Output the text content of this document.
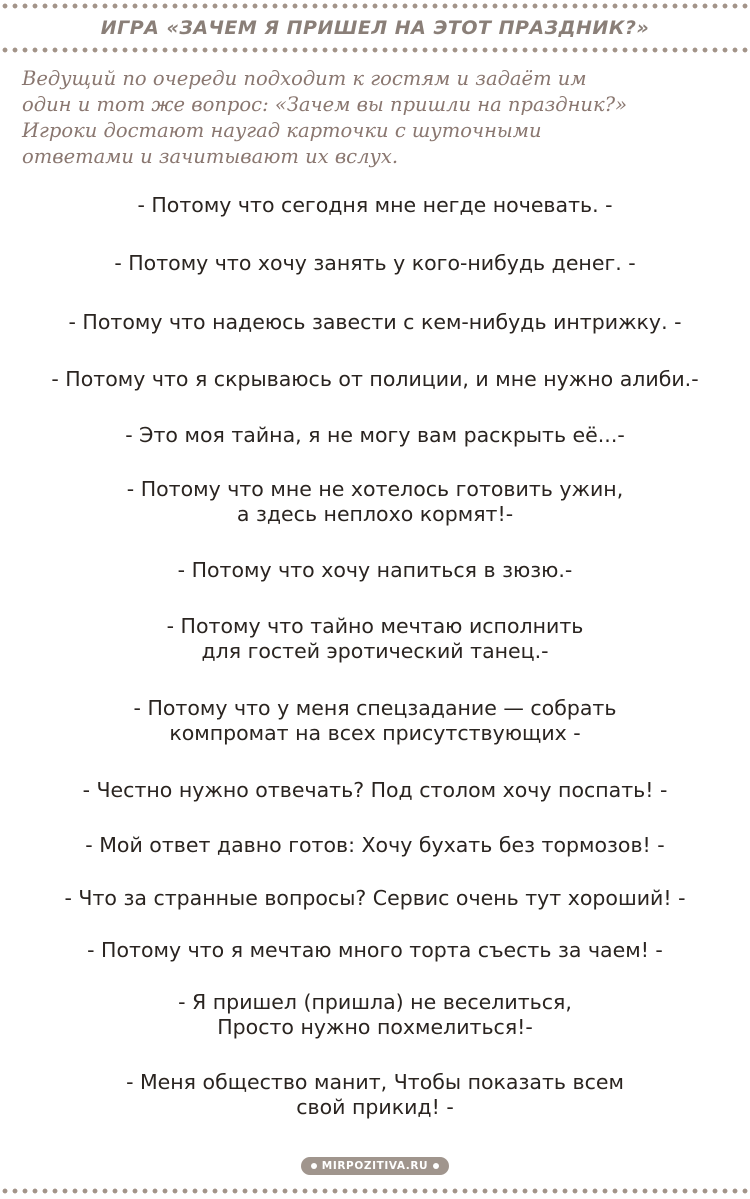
ИГРА «ЗАЧЕМ Я ПРИШЕЛ НА ЭТОТ ПРАЗДНИК?»
Ведущий по очереди подходит к гостям и задаёт им
один и тот же вопрос: «Зачем вы пришли на праздник?»
Игроки достают наугад карточки с шуточными
ответами и зачитывают их вслух.
- Потому что сегодня мне негде ночевать. -
- Потому что хочу занять у кого-нибудь денег. -
- Потому что надеюсь завести с кем-нибудь интрижку. -
- Потому что я скрываюсь от полиции, и мне нужно алиби.-
- Это моя тайна, я не могу вам раскрыть её...-
- Потому что мне не хотелось готовить ужин,
а здесь неплохо кормят!-
- Потому что хочу напиться в зюзю.-
- Потому что тайно мечтаю исполнить
для гостей эротический танец.-
- Потому что у меня спецзадание — собрать
компромат на всех присутствующих -
- Честно нужно отвечать? Под столом хочу поспать! -
- Мой ответ давно готов: Хочу бухать без тормозов! -
- Что за странные вопросы? Сервис очень тут хороший! -
- Потому что я мечтаю много торта съесть за чаем! -
- Я пришел (пришла) не веселиться,
Просто нужно похмелиться!-
- Меня общество манит, Чтобы показать всем
свой прикид! -
MIRPOZITIVA.RU
